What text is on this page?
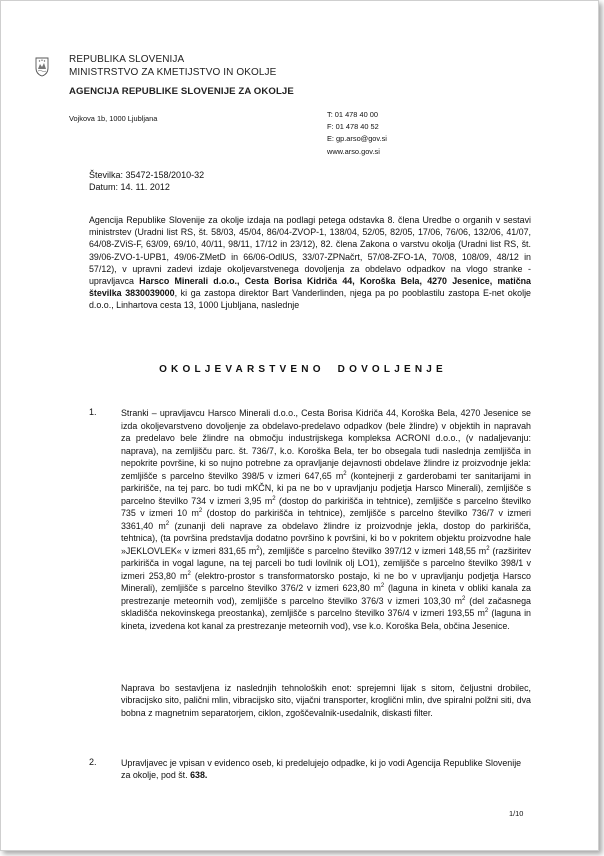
REPUBLIKA SLOVENIJA
MINISTRSTVO ZA KMETIJSTVO IN OKOLJE
AGENCIJA REPUBLIKE SLOVENIJE ZA OKOLJE
Vojkova 1b, 1000 Ljubljana	T: 01 478 40 00
F: 01 478 40 52
E: gp.arso@gov.si
www.arso.gov.si
Številka: 35472-158/2010-32
Datum: 14. 11. 2012
Agencija Republike Slovenije za okolje izdaja na podlagi petega odstavka 8. člena Uredbe o organih v sestavi ministrstev (Uradni list RS, št. 58/03, 45/04, 86/04-ZVOP-1, 138/04, 52/05, 82/05, 17/06, 76/06, 132/06, 41/07, 64/08-ZViS-F, 63/09, 69/10, 40/11, 98/11, 17/12 in 23/12), 82. člena Zakona o varstvu okolja (Uradni list RS, št. 39/06-ZVO-1-UPB1, 49/06-ZMetD in 66/06-OdlUS, 33/07-ZPNačrt, 57/08-ZFO-1A, 70/08, 108/09, 48/12 in 57/12), v upravni zadevi izdaje okoljevarstvenega dovoljenja za obdelavo odpadkov na vlogo stranke - upravljavca Harsco Minerali d.o.o., Cesta Borisa Kidriča 44, Koroška Bela, 4270 Jesenice, matična številka 3830039000, ki ga zastopa direktor Bart Vanderlinden, njega pa po pooblastilu zastopa E-net okolje d.o.o., Linhartova cesta 13, 1000 Ljubljana, naslednje
OKOLJEVARSTVENO DOVOLJENJE
1.	Stranki – upravljavcu Harsco Minerali d.o.o., Cesta Borisa Kidriča 44, Koroška Bela, 4270 Jesenice se izda okoljevarstveno dovoljenje za obdelavo-predelavo odpadkov (bele žlindre) v objektih in napravah za predelavo bele žlindre na območju industrijskega kompleksa ACRONI d.o.o., (v nadaljevanju: naprava), na zemljišču parc. št. 736/7, k.o. Koroška Bela, ter bo obsegala tudi naslednja zemljišča in nepokrite površine, ki so nujno potrebne za opravljanje dejavnosti obdelave žlindre iz proizvodnje jekla: zemljišče s parcelno številko 398/5 v izmeri 647,65 $m^2$ (kontejnerji z garderobami ter sanitarijami in parkirišče, na tej parc. bo tudi mKČN, ki pa ne bo v upravljanju podjetja Harsco Minerali), zemljišče s parcelno številko 734 v izmeri 3,95 $m^2$ (dostop do parkirišča in tehtnice), zemljišče s parcelno številko 735 v izmeri 10 $m^2$ (dostop do parkirišča in tehtnice), zemljišče s parcelno številko 736/7 v izmeri 3361,40 $m^2$ (zunanji deli naprave za obdelavo žlindre iz proizvodnje jekla, dostop do parkirišča, tehtnica), (ta površina predstavlja dodatno površino k površini, ki bo v pokritem objektu proizvodne hale »JEKLOVLEK« v izmeri 831,65 $m^2$), zemljišče s parcelno številko 397/12 v izmeri 148,55 $m^2$ (razširitev parkirišča in vogal lagune, na tej parceli bo tudi lovilnik olj LO1), zemljišče s parcelno številko 398/1 v izmeri 253,80 $m^2$ (elektro-prostor s transformatorsko postajo, ki ne bo v upravljanju podjetja Harsco Minerali), zemljišče s parcelno številko 376/2 v izmeri 623,80 $m^2$ (laguna in kineta v obliki kanala za prestrezanje meteornih vod), zemljišče s parcelno številko 376/3 v izmeri 103,30 $m^2$ (del začasnega skladišča nekovinskega preostanka), zemljišče s parcelno številko 376/4 v izmeri 193,55 $m^2$ (laguna in kineta, izvedena kot kanal za prestrezanje meteornih vod), vse k.o. Koroška Bela, občina Jesenice.
Naprava bo sestavljena iz naslednjih tehnoloških enot: sprejemni lijak s sitom, čeljustni drobilec, vibracijsko sito, palični mlin, vibracijsko sito, vijačni transporter, kroglični mlin, dve spiralni polžni siti, dva bobna z magnetnim separatorjem, ciklon, zgoščevalnik-usedalnik, diskasti filter.
2.	Upravljavec je vpisan v evidenco oseb, ki predelujejo odpadke, ki jo vodi Agencija Republike Slovenije za okolje, pod št. 638.
1/10
